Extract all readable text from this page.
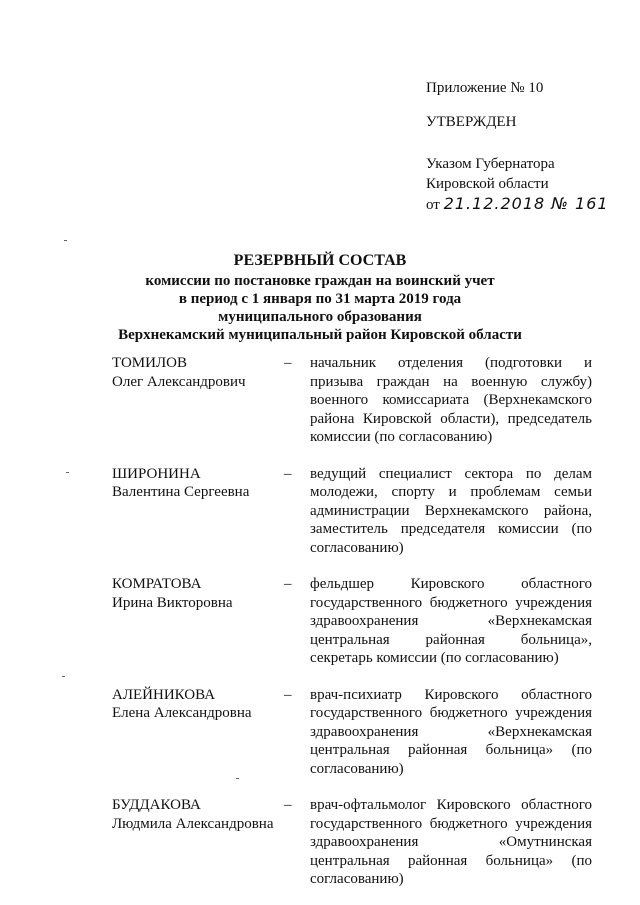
Приложение № 10
УТВЕРЖДЕН
Указом Губернатора
Кировской области
от 21.12.2018 № 161
РЕЗЕРВНЫЙ СОСТАВ
комиссии по постановке граждан на воинский учет
в период с 1 января по 31 марта 2019 года
муниципального образования
Верхнекамский муниципальный район Кировской области
ТОМИЛОВ
Олег Александрович
–	начальник отделения (подготовки и призыва граждан на военную службу) военного комиссариата (Верхнекамского района Кировской области), председатель комиссии (по согласованию)
ШИРОНИНА
Валентина Сергеевна
–	ведущий специалист сектора по делам молодежи, спорту и проблемам семьи администрации Верхнекамского района, заместитель председателя комиссии (по согласованию)
КОМРАТОВА
Ирина Викторовна
–	фельдшер Кировского областного государственного бюджетного учреждения здравоохранения «Верхнекамская центральная районная больница», секретарь комиссии (по согласованию)
АЛЕЙНИКОВА
Елена Александровна
–	врач-психиатр Кировского областного государственного бюджетного учреждения здравоохранения «Верхнекамская центральная районная больница» (по согласованию)
БУДДАКОВА
Людмила Александровна
–	врач-офтальмолог Кировского областного государственного бюджетного учреждения здравоохранения «Омутнинская центральная районная больница» (по согласованию)
